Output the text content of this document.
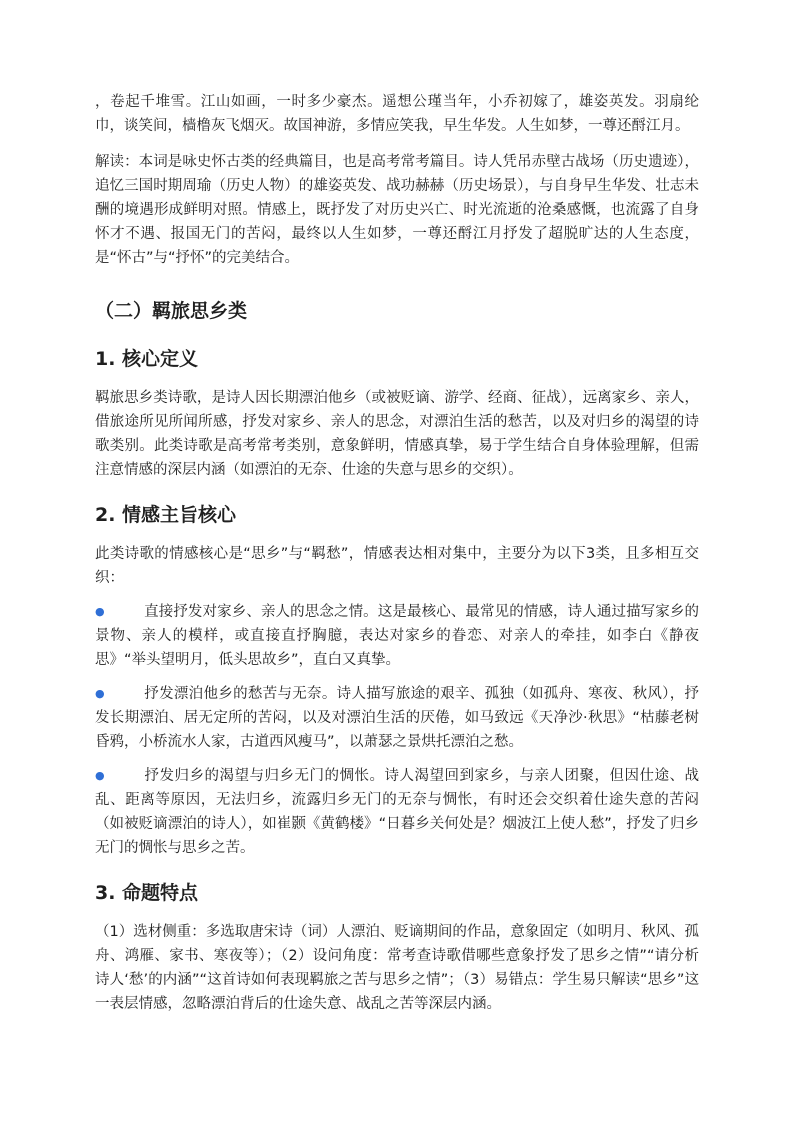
，卷起千堆雪。江山如画，一时多少豪杰。遥想公瑾当年，小乔初嫁了，雄姿英发。羽扇纶巾，谈笑间，樯橹灰飞烟灭。故国神游，多情应笑我，早生华发。人生如梦，一尊还酹江月。

解读：本词是咏史怀古类的经典篇目，也是高考常考篇目。诗人凭吊赤壁古战场（历史遗迹），追忆三国时期周瑜（历史人物）的雄姿英发、战功赫赫（历史场景），与自身早生华发、壮志未酬的境遇形成鲜明对照。情感上，既抒发了对历史兴亡、时光流逝的沧桑感慨，也流露了自身怀才不遇、报国无门的苦闷，最终以人生如梦，一尊还酹江月抒发了超脱旷达的人生态度，是“怀古”与“抒怀”的完美结合。

（二）羁旅思乡类
1. 核心定义

羁旅思乡类诗歌，是诗人因长期漂泊他乡（或被贬谪、游学、经商、征战），远离家乡、亲人，借旅途所见所闻所感，抒发对家乡、亲人的思念，对漂泊生活的愁苦，以及对归乡的渴望的诗歌类别。此类诗歌是高考常考类别，意象鲜明，情感真挚，易于学生结合自身体验理解，但需注意情感的深层内涵（如漂泊的无奈、仕途的失意与思乡的交织）。

2. 情感主旨核心

此类诗歌的情感核心是“思乡”与“羁愁”，情感表达相对集中，主要分为以下3类，且多相互交织：

●	直接抒发对家乡、亲人的思念之情。这是最核心、最常见的情感，诗人通过描写家乡的景物、亲人的模样，或直接直抒胸臆，表达对家乡的眷恋、对亲人的牵挂，如李白《静夜思》“举头望明月，低头思故乡”，直白又真挚。
●	抒发漂泊他乡的愁苦与无奈。诗人描写旅途的艰辛、孤独（如孤舟、寒夜、秋风），抒发长期漂泊、居无定所的苦闷，以及对漂泊生活的厌倦，如马致远《天净沙·秋思》“枯藤老树昏鸦，小桥流水人家，古道西风瘦马”，以萧瑟之景烘托漂泊之愁。
●	抒发归乡的渴望与归乡无门的惆怅。诗人渴望回到家乡，与亲人团聚，但因仕途、战乱、距离等原因，无法归乡，流露归乡无门的无奈与惆怅，有时还会交织着仕途失意的苦闷（如被贬谪漂泊的诗人），如崔颢《黄鹤楼》“日暮乡关何处是？烟波江上使人愁”，抒发了归乡无门的惆怅与思乡之苦。
3. 命题特点

（1）选材侧重：多选取唐宋诗（词）人漂泊、贬谪期间的作品，意象固定（如明月、秋风、孤舟、鸿雁、家书、寒夜等）；（2）设问角度：常考查诗歌借哪些意象抒发了思乡之情”“请分析诗人‘愁’的内涵”“这首诗如何表现羁旅之苦与思乡之情”；（3）易错点：学生易只解读“思乡”这一表层情感，忽略漂泊背后的仕途失意、战乱之苦等深层内涵。
